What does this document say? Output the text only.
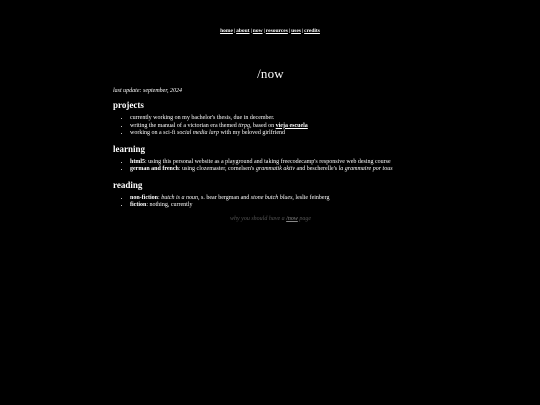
home|about|now|resources|uses|credits
/now

last update: september, 2024

projects
• currently working on my bachelor's thesis, due in december.
• writing the manual of a victorian era themed ttrpg, based on vieja escuela
• working on a sci-fi social media larp with my beloved girlfriend
learning
• html5: using this personal website as a playground and taking freecodecamp's responsive web desing course
• german and french: using clozemaster, cornelsen's grammatik aktiv and bescherelle's la grammaire por tous
reading
• non-fiction: butch is a noun, s. bear bergman and stone butch blues, leslie feinberg
• fiction: nothing, currently
why you should have a /now page
